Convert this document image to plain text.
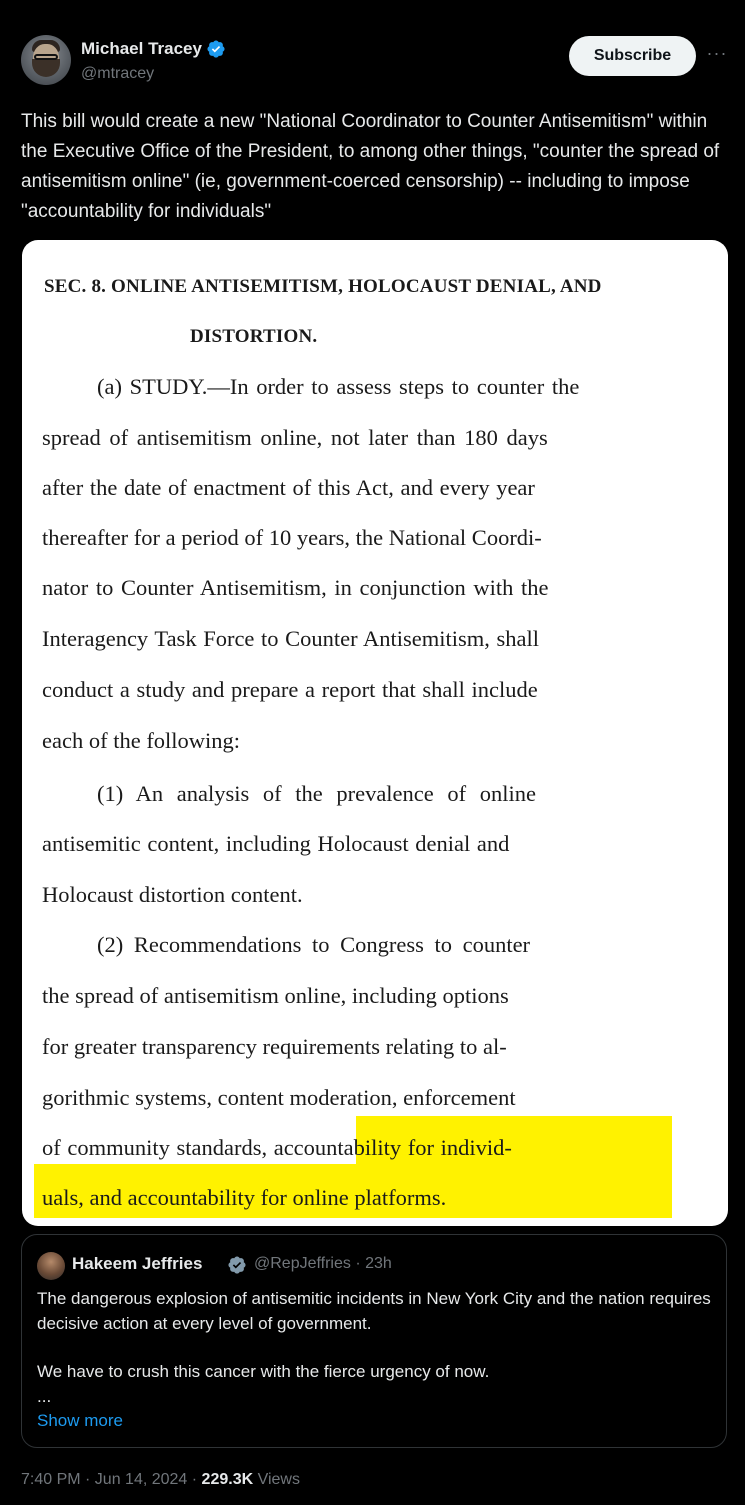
Michael Tracey
@mtracey
Subscribe	···
This bill would create a new "National Coordinator to Counter Antisemitism" within the Executive Office of the President, to among other things, "counter the spread of antisemitism online" (ie, government-coerced censorship) -- including to impose "accountability for individuals"
SEC. 8. ONLINE ANTISEMITISM, HOLOCAUST DENIAL, AND
DISTORTION.
(a) STUDY.—In order to assess steps to counter the
spread of antisemitism online, not later than 180 days
after the date of enactment of this Act, and every year
thereafter for a period of 10 years, the National Coordi-
nator to Counter Antisemitism, in conjunction with the
Interagency Task Force to Counter Antisemitism, shall
conduct a study and prepare a report that shall include
each of the following:
(1) An analysis of the prevalence of online
antisemitic content, including Holocaust denial and
Holocaust distortion content.
(2) Recommendations to Congress to counter
the spread of antisemitism online, including options
for greater transparency requirements relating to al-
gorithmic systems, content moderation, enforcement
of community standards, accountability for individ-
uals, and accountability for online platforms.
Hakeem Jeffries	@RepJeffries · 23h

The dangerous explosion of antisemitic incidents in New York City and the nation requires decisive action at every level of government.

We have to crush this cancer with the fierce urgency of now.

...

Show more
7:40 PM · Jun 14, 2024 · 229.3K Views
